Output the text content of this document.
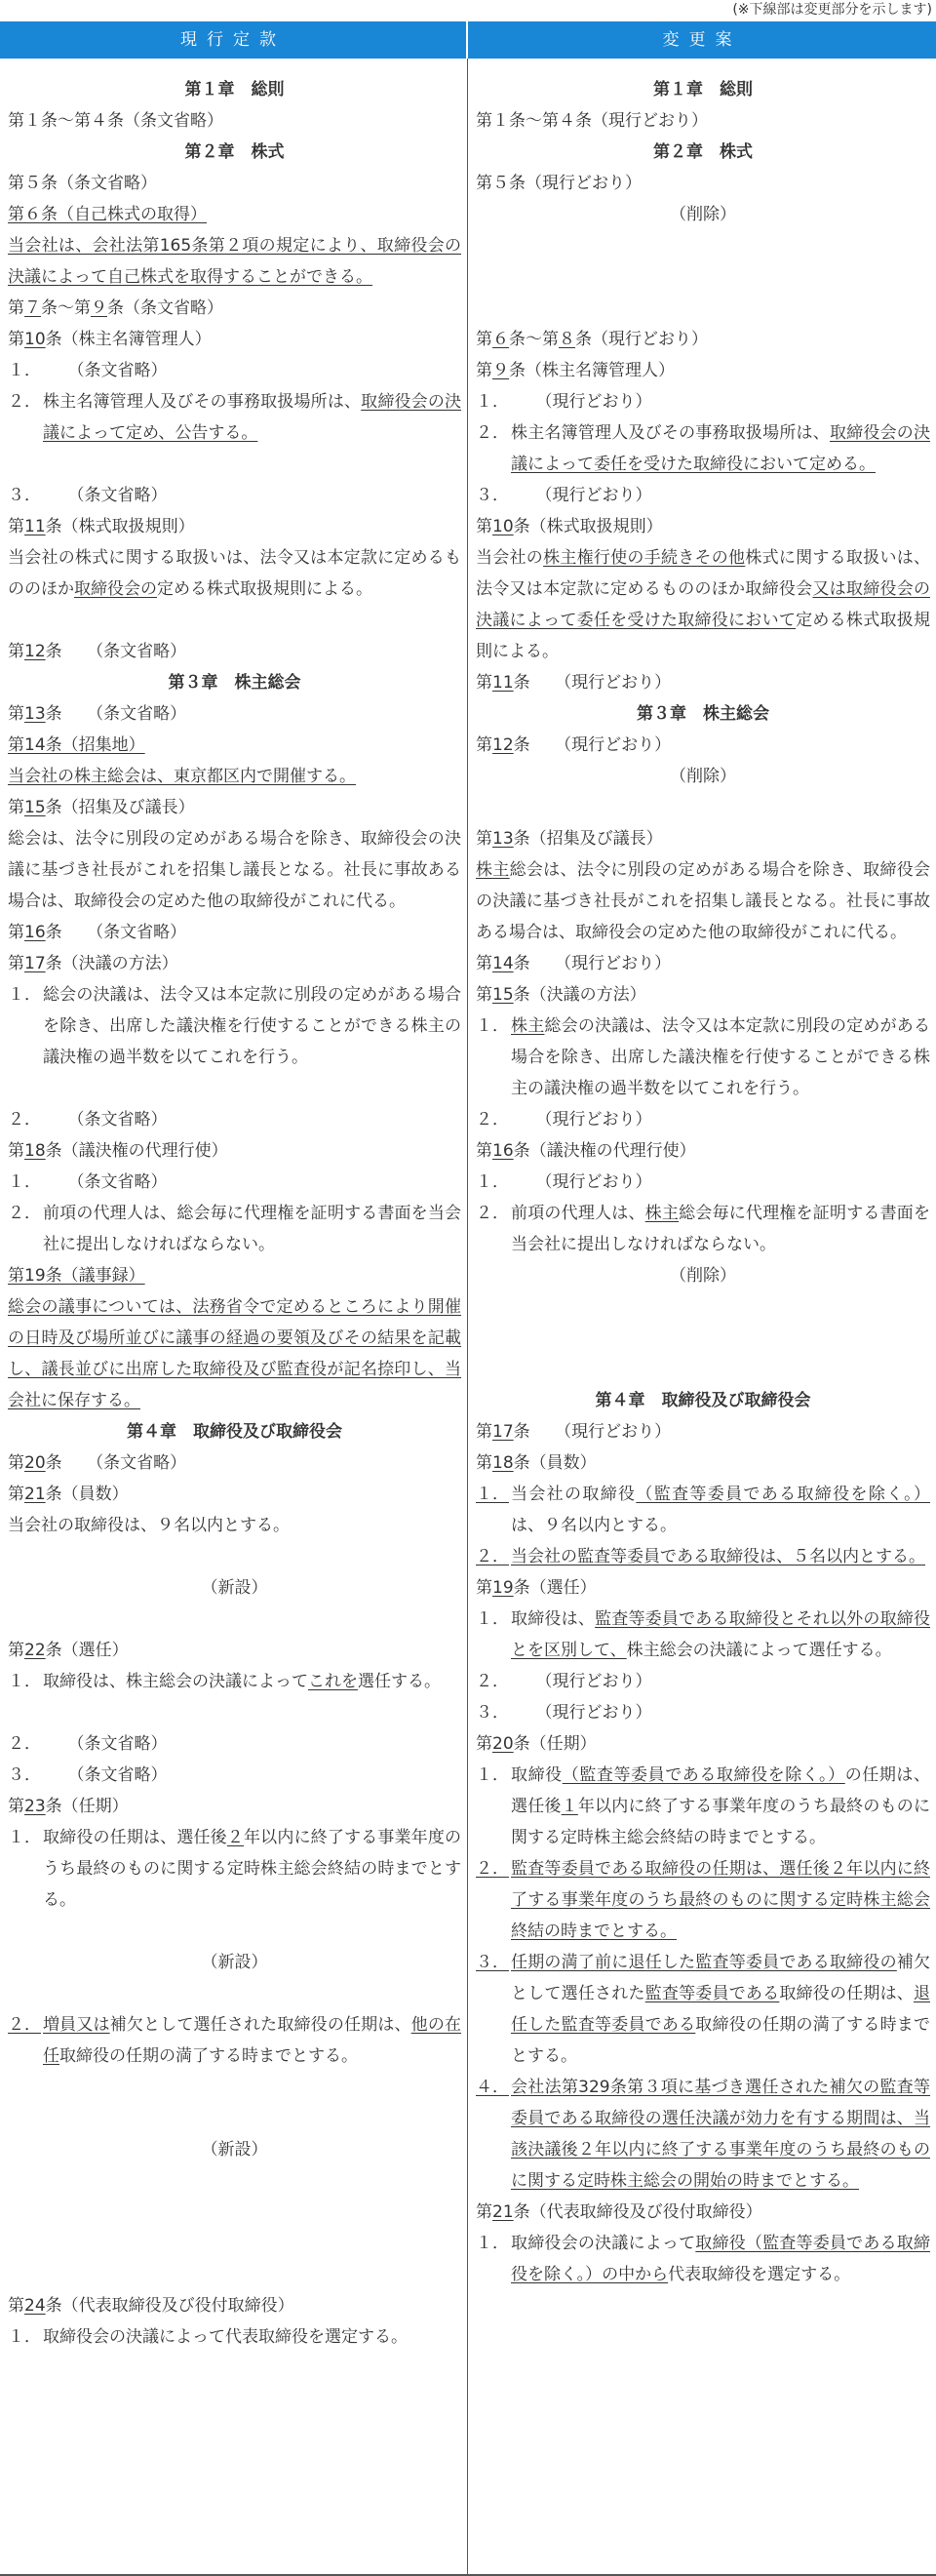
(※下線部は変更部分を示します)
現行定款	変更案
第１章　総則
第１条〜第４条（条文省略）
第２章　株式
第５条（条文省略）
第６条（自己株式の取得）
当会社は、会社法第165条第２項の規定により、取締役会の決議によって自己株式を取得することができる。
第７条〜第９条（条文省略）
第10条（株主名簿管理人）
１． 　　（条文省略）
２． 株主名簿管理人及びその事務取扱場所は、取締役会の決議によって定め、公告する。
３． 　　（条文省略）
第11条（株式取扱規則）
当会社の株式に関する取扱いは、法令又は本定款に定めるもののほか取締役会の定める株式取扱規則による。
第12条　　（条文省略）
第３章　株主総会
第13条　　（条文省略）
第14条（招集地）
当会社の株主総会は、東京都区内で開催する。
第15条（招集及び議長）
総会は、法令に別段の定めがある場合を除き、取締役会の決議に基づき社長がこれを招集し議長となる。社長に事故ある場合は、取締役会の定めた他の取締役がこれに代る。
第16条　　（条文省略）
第17条（決議の方法）
１． 総会の決議は、法令又は本定款に別段の定めがある場合を除き、出席した議決権を行使することができる株主の議決権の過半数を以てこれを行う。
２． 　　（条文省略）
第18条（議決権の代理行使）
１． 　　（条文省略）
２． 前項の代理人は、総会毎に代理権を証明する書面を当会社に提出しなければならない。
第19条（議事録）
総会の議事については、法務省令で定めるところにより開催の日時及び場所並びに議事の経過の要領及びその結果を記載し、議長並びに出席した取締役及び監査役が記名捺印し、当会社に保存する。
第４章　取締役及び取締役会
第20条　　（条文省略）
第21条（員数）
当会社の取締役は、９名以内とする。
（新設）
第22条（選任）
１． 取締役は、株主総会の決議によってこれを選任する。
２． 　　（条文省略）
３． 　　（条文省略）
第23条（任期）
１． 取締役の任期は、選任後２年以内に終了する事業年度のうち最終のものに関する定時株主総会終結の時までとする。
（新設）
２． 増員又は補欠として選任された取締役の任期は、他の在任取締役の任期の満了する時までとする。
（新設）
第24条（代表取締役及び役付取締役）
１． 取締役会の決議によって代表取締役を選定する。
第１章　総則
第１条〜第４条（現行どおり）
第２章　株式
第５条（現行どおり）
（削除）
第６条〜第８条（現行どおり）
第９条（株主名簿管理人）
１． 　　（現行どおり）
２． 株主名簿管理人及びその事務取扱場所は、取締役会の決議によって委任を受けた取締役において定める。
３． 　　（現行どおり）
第10条（株式取扱規則）
当会社の株主権行使の手続きその他株式に関する取扱いは、法令又は本定款に定めるもののほか取締役会又は取締役会の決議によって委任を受けた取締役において定める株式取扱規則による。
第11条　　（現行どおり）
第３章　株主総会
第12条　　（現行どおり）
（削除）
第13条（招集及び議長）
株主総会は、法令に別段の定めがある場合を除き、取締役会の決議に基づき社長がこれを招集し議長となる。社長に事故ある場合は、取締役会の定めた他の取締役がこれに代る。
第14条　　（現行どおり）
第15条（決議の方法）
１． 株主総会の決議は、法令又は本定款に別段の定めがある場合を除き、出席した議決権を行使することができる株主の議決権の過半数を以てこれを行う。
２． 　　（現行どおり）
第16条（議決権の代理行使）
１． 　　（現行どおり）
２． 前項の代理人は、株主総会毎に代理権を証明する書面を当会社に提出しなければならない。
（削除）
第４章　取締役及び取締役会
第17条　　（現行どおり）
第18条（員数）
１． 当会社の取締役（監査等委員である取締役を除く。）は、９名以内とする。
２． 当会社の監査等委員である取締役は、５名以内とする。
第19条（選任）
１． 取締役は、監査等委員である取締役とそれ以外の取締役とを区別して、株主総会の決議によって選任する。
２． 　　（現行どおり）
３． 　　（現行どおり）
第20条（任期）
１． 取締役（監査等委員である取締役を除く。）の任期は、選任後１年以内に終了する事業年度のうち最終のものに関する定時株主総会終結の時までとする。
２． 監査等委員である取締役の任期は、選任後２年以内に終了する事業年度のうち最終のものに関する定時株主総会終結の時までとする。
３． 任期の満了前に退任した監査等委員である取締役の補欠として選任された監査等委員である取締役の任期は、退任した監査等委員である取締役の任期の満了する時までとする。
４． 会社法第329条第３項に基づき選任された補欠の監査等委員である取締役の選任決議が効力を有する期間は、当該決議後２年以内に終了する事業年度のうち最終のものに関する定時株主総会の開始の時までとする。
第21条（代表取締役及び役付取締役）
１． 取締役会の決議によって取締役（監査等委員である取締役を除く。）の中から代表取締役を選定する。
